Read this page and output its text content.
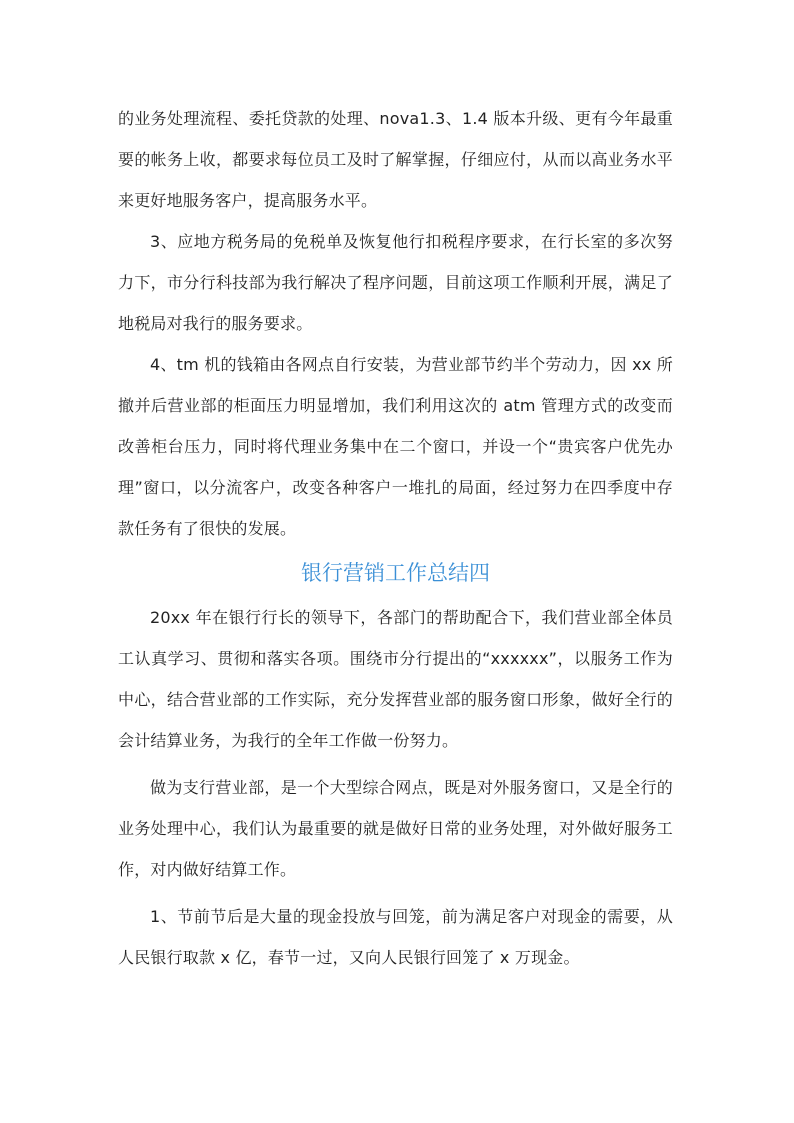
的业务处理流程、委托贷款的处理、nova1.3、1.4 版本升级、更有今年最重要的帐务上收，都要求每位员工及时了解掌握，仔细应付，从而以高业务水平来更好地服务客户，提高服务水平。

3、应地方税务局的免税单及恢复他行扣税程序要求，在行长室的多次努力下，市分行科技部为我行解决了程序问题，目前这项工作顺利开展，满足了地税局对我行的服务要求。

4、tm 机的钱箱由各网点自行安装，为营业部节约半个劳动力，因 xx 所撤并后营业部的柜面压力明显增加，我们利用这次的 atm 管理方式的改变而改善柜台压力，同时将代理业务集中在二个窗口，并设一个“贵宾客户优先办理”窗口，以分流客户，改变各种客户一堆扎的局面，经过努力在四季度中存款任务有了很快的发展。

银行营销工作总结四

20xx 年在银行行长的领导下，各部门的帮助配合下，我们营业部全体员工认真学习、贯彻和落实各项。围绕市分行提出的“xxxxxx”，以服务工作为中心，结合营业部的工作实际，充分发挥营业部的服务窗口形象，做好全行的会计结算业务，为我行的全年工作做一份努力。

做为支行营业部，是一个大型综合网点，既是对外服务窗口，又是全行的业务处理中心，我们认为最重要的就是做好日常的业务处理，对外做好服务工作，对内做好结算工作。

1、节前节后是大量的现金投放与回笼，前为满足客户对现金的需要，从人民银行取款 x 亿，春节一过，又向人民银行回笼了 x 万现金。
